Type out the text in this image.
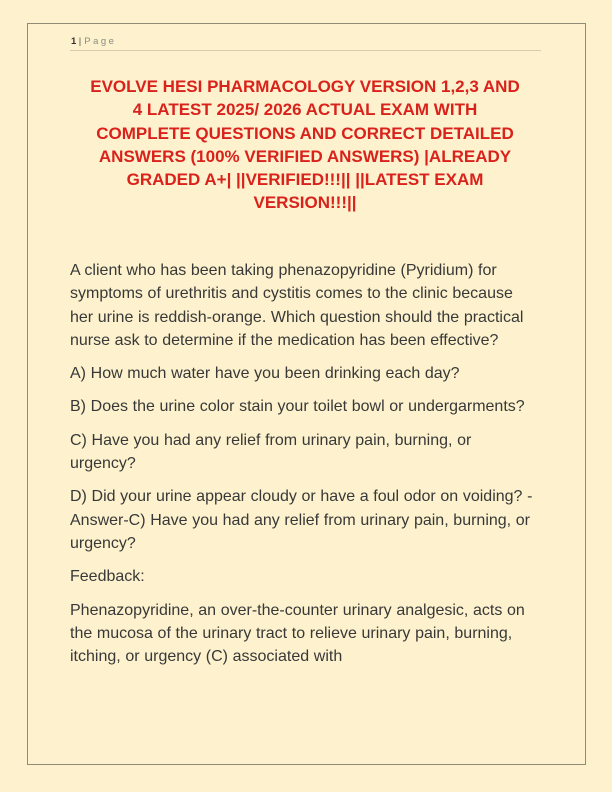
1 | Page
EVOLVE HESI PHARMACOLOGY VERSION 1,2,3 AND
4 LATEST 2025/ 2026 ACTUAL EXAM WITH
COMPLETE QUESTIONS AND CORRECT DETAILED
ANSWERS (100% VERIFIED ANSWERS) |ALREADY
GRADED A+| ||VERIFIED!!!|| ||LATEST EXAM
VERSION!!!||

A client who has been taking phenazopyridine (Pyridium) for symptoms of urethritis and cystitis comes to the clinic because her urine is reddish-orange. Which question should the practical nurse ask to determine if the medication has been effective?

A) How much water have you been drinking each day?

B) Does the urine color stain your toilet bowl or undergarments?

C) Have you had any relief from urinary pain, burning, or urgency?

D) Did your urine appear cloudy or have a foul odor on voiding? - Answer-C) Have you had any relief from urinary pain, burning, or urgency?

Feedback:

Phenazopyridine, an over-the-counter urinary analgesic, acts on the mucosa of the urinary tract to relieve urinary pain, burning, itching, or urgency (C) associated with
